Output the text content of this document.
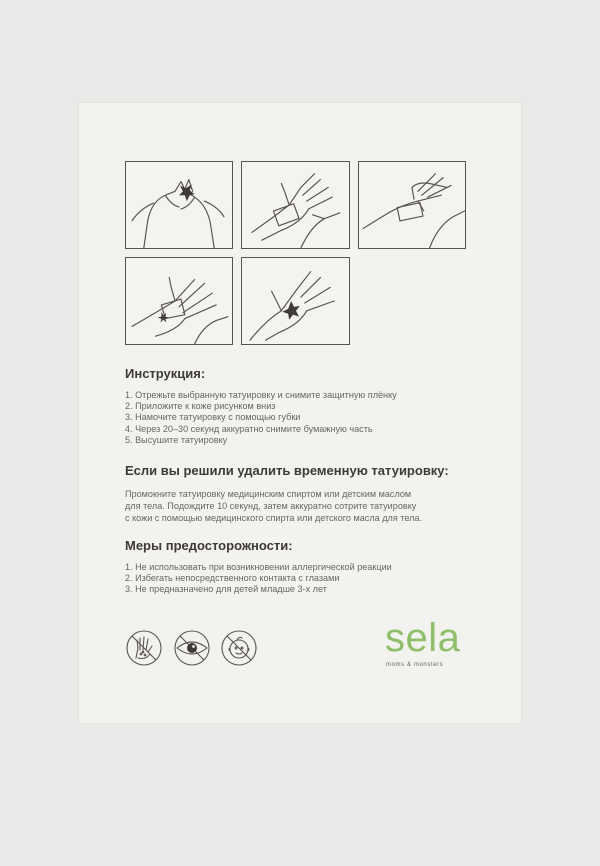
Инструкция:
1. Отрежьте выбранную татуировку и снимите защитную плёнку
2. Приложите к коже рисунком вниз
3. Намочите татуировку с помощью губки
4. Через 20–30 секунд аккуратно снимите бумажную часть
5. Высушите татуировку
Если вы решили удалить временную татуировку:

Промокните татуировку медицинским спиртом или детским маслом
для тела. Подождите 10 секунд, затем аккуратно сотрите татуировку
с кожи с помощью медицинского спирта или детского масла для тела.

Меры предосторожности:
1. Не использовать при возникновении аллергической реакции
2. Избегать непосредственного контакта с глазами
3. Не предназначено для детей младше 3-х лет
sela
moms & monsters
